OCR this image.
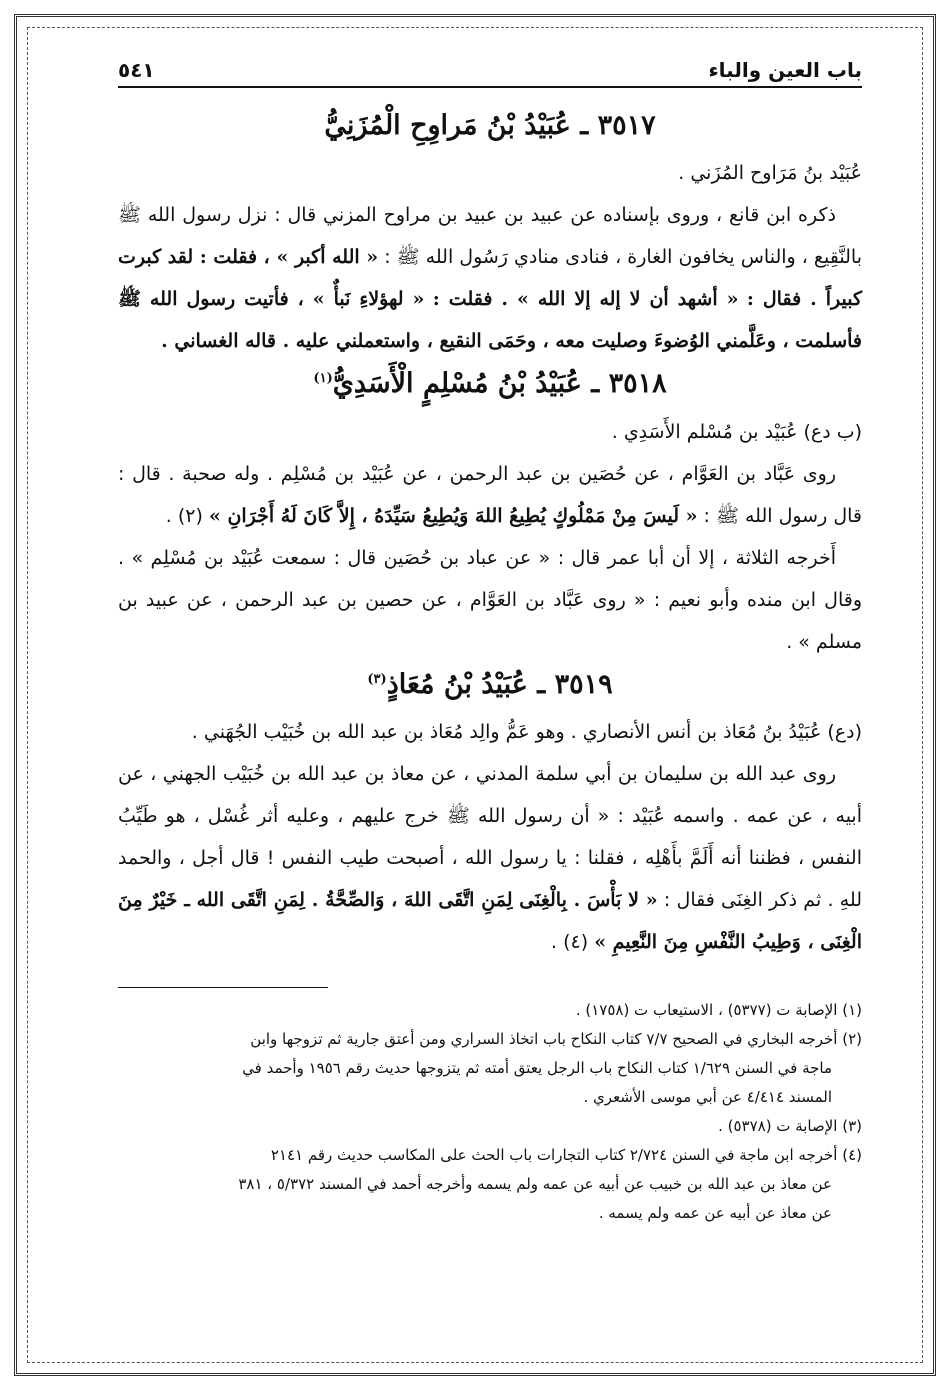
باب العين والباء
٥٤١
٣٥١٧ ـ عُبَيْدُ بْنُ مَراوِحِ الْمُزَنِيُّ

عُبَيْد بنُ مَرَاوح المُزَني .

ذكره ابن قانع ، وروى بإسناده عن عبيد بن عبيد بن مراوح المزني قال : نزل رسول الله ﷺ بالنَّقِيع ، والناس يخافون الغارة ، فنادى منادي رَسُول الله ﷺ : « الله أكبر » ، فقلت : لقد كبرت كبيراً . فقال : « أشهد أن لا إله إلا الله » . فقلت : « لهؤلاءِ نَبأٌ » ، فأتيت رسول الله ﷺ فأسلمت ، وعَلَّمني الوُضوءَ وصليت معه ، وحَمَى النقيع ، واستعملني عليه . قاله الغساني .

٣٥١٨ ـ عُبَيْدُ بْنُ مُسْلِمٍ الْأَسَدِيُّ$^{(١)}$

(ب دع) عُبَيْد بن مُسْلم الأَسَدِي .

روى عَبَّاد بن العَوَّام ، عن حُصَين بن عبد الرحمن ، عن عُبَيْد بن مُسْلِم . وله صحبة . قال : قال رسول الله ﷺ : « لَيسَ مِنْ مَمْلُوكٍ يُطِيعُ اللهَ وَيُطِيعُ سَيِّدَهُ ، إِلاَّ كَانَ لَهُ أَجْرَانِ » (٢) .

أَخرجه الثلاثة ، إلا أن أبا عمر قال : « عن عباد بن حُصَين قال : سمعت عُبَيْد بن مُسْلِم » . وقال ابن منده وأبو نعيم : « روى عَبَّاد بن العَوَّام ، عن حصين بن عبد الرحمن ، عن عبيد بن مسلم » .

٣٥١٩ ـ عُبَيْدُ بْنُ مُعَاذٍ$^{(٣)}$

(دع) عُبَيْدُ بنُ مُعَاذ بن أنس الأنصاري . وهو عَمُّ والِد مُعَاذ بن عبد الله بن خُبَيْب الجُهَني .

روى عبد الله بن سليمان بن أبي سلمة المدني ، عن معاذ بن عبد الله بن خُبَيْب الجهني ، عن أبيه ، عن عمه . واسمه عُبَيْد : « أن رسول الله ﷺ خرج عليهم ، وعليه أثر غُسْل ، هو طَيِّبُ النفس ، فظننا أنه أَلَمَّ بأَهْلِه ، فقلنا : يا رسول الله ، أصبحت طيب النفس ! قال أجل ، والحمد للهِ . ثم ذكر الغِنَى فقال : « لا بَأْسَ . بِالْغِنَى لِمَنِ اتَّقَى اللهَ ، وَالصِّحَّةُ . لِمَنِ اتَّقَى الله ـ خَيْرٌ مِنَ الْغِنَى ، وَطِيبُ النَّفْسِ مِنَ النَّعِيمِ » (٤) .

(١) الإصابة ت (٥٣٧٧) ، الاستيعاب ت (١٧٥٨) .
(٢) أخرجه البخاري في الصحيح ٧/٧ كتاب النكاح باب اتخاذ السراري ومن أعتق جارية ثم تزوجها وابن
ماجة في السنن ١/٦٢٩ كتاب النكاح باب الرجل يعتق أمته ثم يتزوجها حديث رقم ١٩٥٦ وأحمد في
المسند ٤/٤١٤ عن أبي موسى الأشعري .
(٣) الإصابة ت (٥٣٧٨) .
(٤) أخرجه ابن ماجة في السنن ٢/٧٢٤ كتاب التجارات باب الحث على المكاسب حديث رقم ٢١٤١
عن معاذ بن عبد الله بن خبيب عن أبيه عن عمه ولم يسمه وأخرجه أحمد في المسند ٥/٣٧٢ ، ٣٨١
عن معاذ عن أبيه عن عمه ولم يسمه .
